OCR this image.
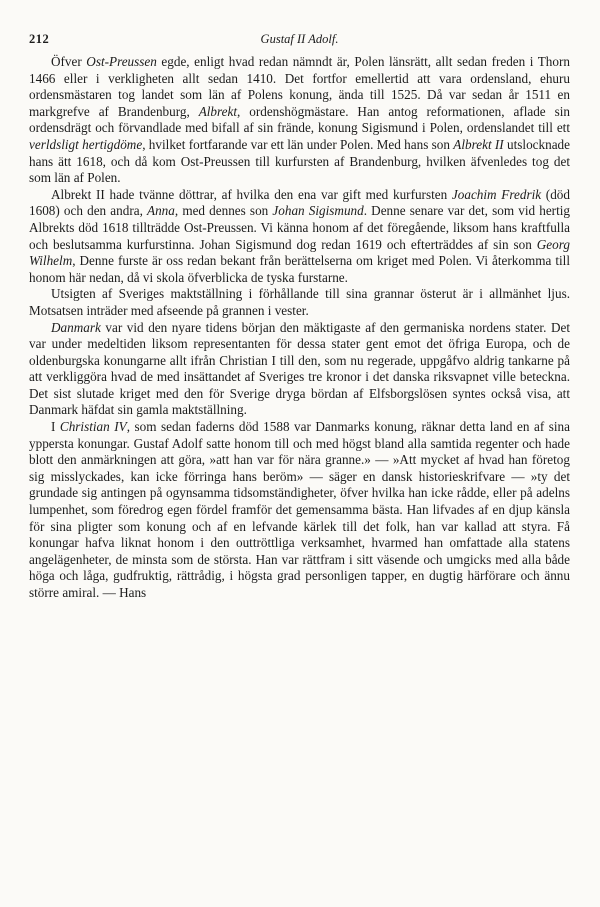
212	Gustaf II Adolf.

Öfver Ost-Preussen egde, enligt hvad redan nämndt är, Polen länsrätt, allt sedan freden i Thorn 1466 eller i verkligheten allt sedan 1410. Det fortfor emellertid att vara ordensland, ehuru ordensmästaren tog landet som län af Polens konung, ända till 1525. Då var sedan år 1511 en markgrefve af Brandenburg, Albrekt, ordenshögmästare. Han antog reformationen, aflade sin ordensdrägt och förvandlade med bifall af sin frände, konung Sigismund i Polen, ordenslandet till ett verldsligt hertigdöme, hvilket fortfarande var ett län under Polen. Med hans son Albrekt II utslocknade hans ätt 1618, och då kom Ost-Preussen till kurfursten af Brandenburg, hvilken äfvenledes tog det som län af Polen.

Albrekt II hade tvänne döttrar, af hvilka den ena var gift med kurfursten Joachim Fredrik (död 1608) och den andra, Anna, med dennes son Johan Sigismund. Denne senare var det, som vid hertig Albrekts död 1618 tillträdde Ost-Preussen. Vi känna honom af det föregående, liksom hans kraftfulla och beslutsamma kurfurstinna. Johan Sigismund dog redan 1619 och efterträddes af sin son Georg Wilhelm, Denne furste är oss redan bekant från berättelserna om kriget med Polen. Vi återkomma till honom här nedan, då vi skola öfverblicka de tyska furstarne.

Utsigten af Sveriges maktställning i förhållande till sina grannar österut är i allmänhet ljus. Motsatsen inträder med afseende på grannen i vester.

Danmark var vid den nyare tidens början den mäktigaste af den germaniska nordens stater. Det var under medeltiden liksom representanten för dessa stater gent emot det öfriga Europa, och de oldenburgska konungarne allt ifrån Christian I till den, som nu regerade, uppgåfvo aldrig tankarne på att verkliggöra hvad de med insättandet af Sveriges tre kronor i det danska riksvapnet ville beteckna. Det sist slutade kriget med den för Sverige dryga bördan af Elfsborgslösen syntes också visa, att Danmark häfdat sin gamla maktställning.

I Christian IV, som sedan faderns död 1588 var Danmarks konung, räknar detta land en af sina yppersta konungar. Gustaf Adolf satte honom till och med högst bland alla samtida regenter och hade blott den anmärkningen att göra, »att han var för nära granne.» — »Att mycket af hvad han företog sig misslyckades, kan icke förringa hans beröm» — säger en dansk historieskrifvare — »ty det grundade sig antingen på ogynsamma tidsomständigheter, öfver hvilka han icke rådde, eller på adelns lumpenhet, som föredrog egen fördel framför det gemensamma bästa. Han lifvades af en djup känsla för sina pligter som konung och af en lefvande kärlek till det folk, han var kallad att styra. Få konungar hafva liknat honom i den outtröttliga verksamhet, hvarmed han omfattade alla statens angelägenheter, de minsta som de största. Han var rättfram i sitt väsende och umgicks med alla både höga och låga, gudfruktig, rättrådig, i högsta grad personligen tapper, en dugtig härförare och ännu större amiral. — Hans
